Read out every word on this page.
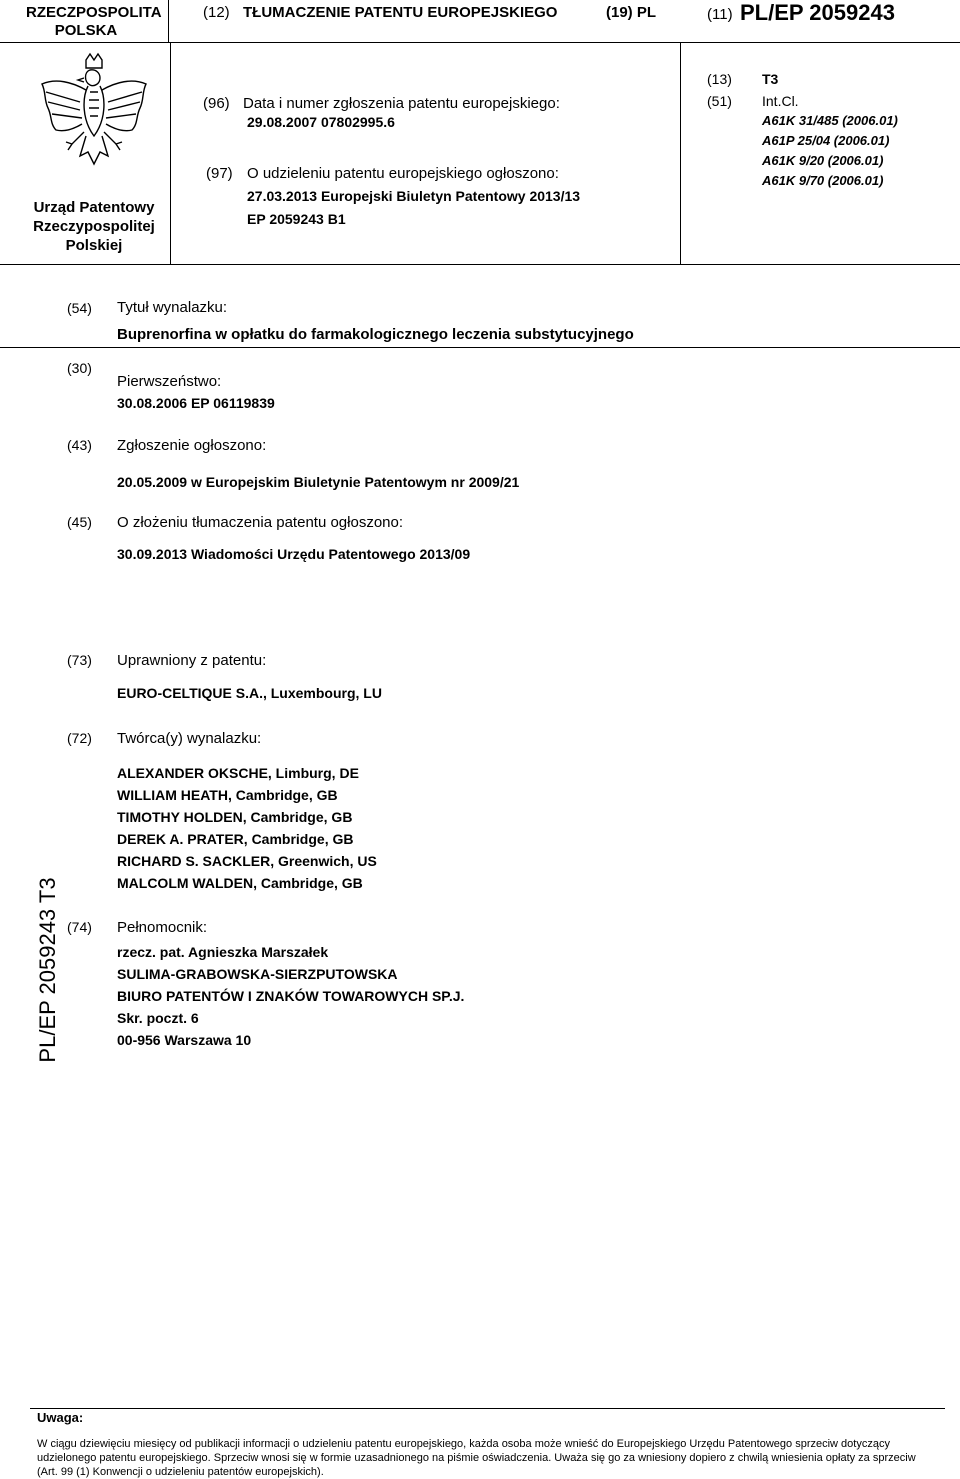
RZECZPOSPOLITA
POLSKA
(12) TŁUMACZENIE PATENTU EUROPEJSKIEGO	(19) PL	(11) PL/EP 2059243
Urząd Patentowy
Rzeczypospolitej
Polskiej
(96) Data i numer zgłoszenia patentu europejskiego:
29.08.2007 07802995.6
(97) O udzieleniu patentu europejskiego ogłoszono:
27.03.2013 Europejski Biuletyn Patentowy 2013/13
EP 2059243 B1
(13) T3
(51) Int.Cl.
A61K 31/485 (2006.01)
A61P 25/04 (2006.01)
A61K 9/20 (2006.01)
A61K 9/70 (2006.01)
(54) Tytuł wynalazku:
Buprenorfina w opłatku do farmakologicznego leczenia substytucyjnego
(30)
Pierwszeństwo:
30.08.2006 EP 06119839
(43) Zgłoszenie ogłoszono:
20.05.2009 w Europejskim Biuletynie Patentowym nr 2009/21
(45) O złożeniu tłumaczenia patentu ogłoszono:
30.09.2013 Wiadomości Urzędu Patentowego 2013/09
(73) Uprawniony z patentu:
EURO-CELTIQUE S.A., Luxembourg, LU
(72) Twórca(y) wynalazku:
ALEXANDER OKSCHE, Limburg, DE
WILLIAM HEATH, Cambridge, GB
TIMOTHY HOLDEN, Cambridge, GB
DEREK A. PRATER, Cambridge, GB
RICHARD S. SACKLER, Greenwich, US
MALCOLM WALDEN, Cambridge, GB
(74) Pełnomocnik:
rzecz. pat. Agnieszka Marszałek
SULIMA-GRABOWSKA-SIERZPUTOWSKA
BIURO PATENTÓW I ZNAKÓW TOWAROWYCH SP.J.
Skr. poczt. 6
00-956 Warszawa 10
PL/EP 2059243 T3
Uwaga:
W ciągu dziewięciu miesięcy od publikacji informacji o udzieleniu patentu europejskiego, każda osoba może wnieść do Europejskiego Urzędu Patentowego sprzeciw dotyczący udzielonego patentu europejskiego. Sprzeciw wnosi się w formie uzasadnionego na piśmie oświadczenia. Uważa się go za wniesiony dopiero z chwilą wniesienia opłaty za sprzeciw (Art. 99 (1) Konwencji o udzieleniu patentów europejskich).
